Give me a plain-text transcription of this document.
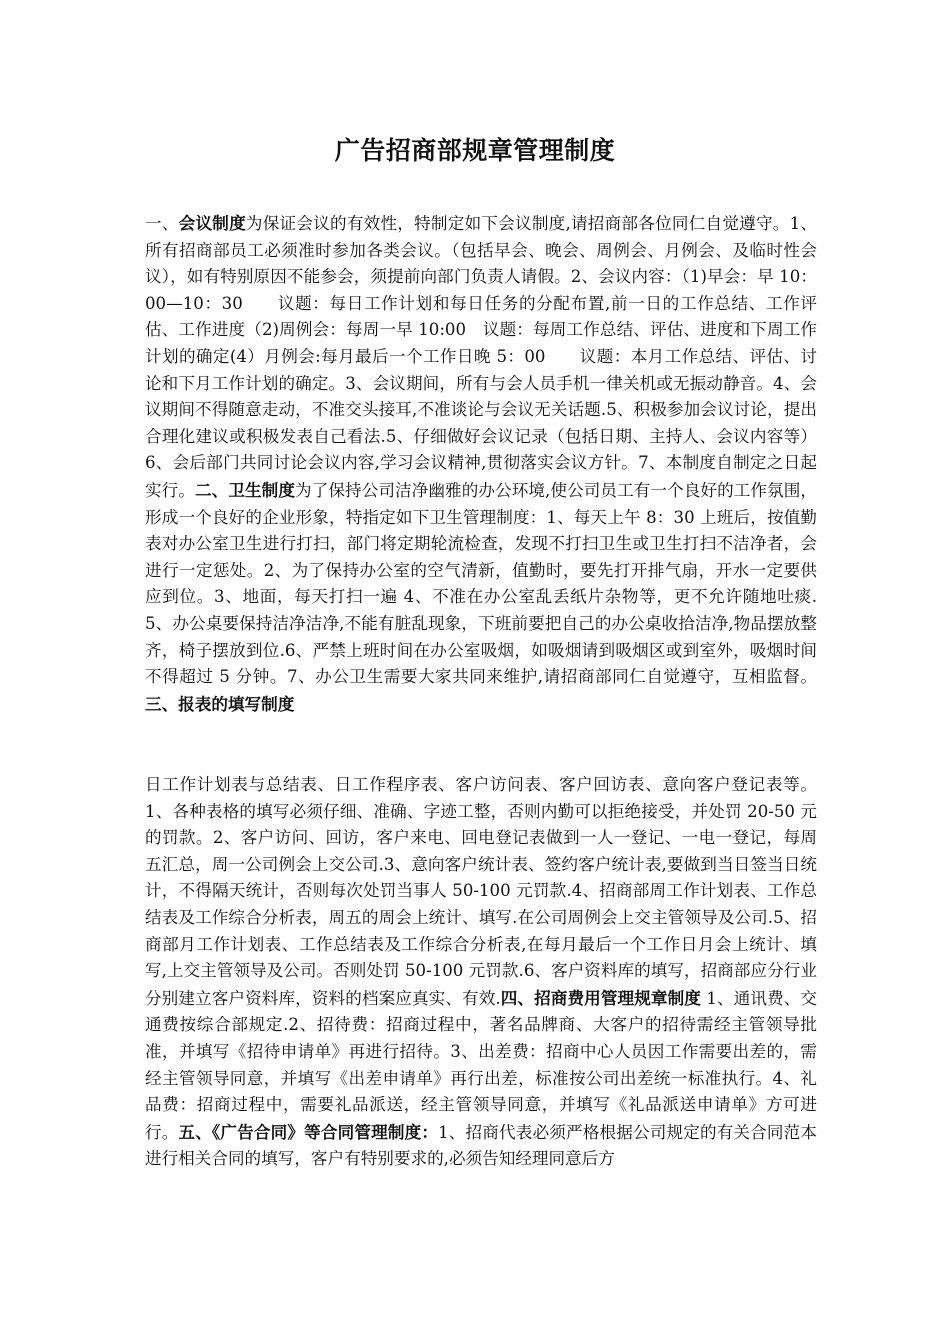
广告招商部规章管理制度

一、会议制度为保证会议的有效性，特制定如下会议制度,请招商部各位同仁自觉遵守。1、所有招商部员工必须准时参加各类会议。（包括早会、晚会、周例会、月例会、及临时性会议），如有特别原因不能参会，须提前向部门负责人请假。2、会议内容：（1)早会：早 10：00—10：30　　议题：每日工作计划和每日任务的分配布置,前一日的工作总结、工作评估、工作进度（2)周例会：每周一早 10:00　议题：每周工作总结、评估、进度和下周工作计划的确定(4）月例会:每月最后一个工作日晚 5：00　　议题：本月工作总结、评估、讨论和下月工作计划的确定。3、会议期间，所有与会人员手机一律关机或无振动静音。4、会议期间不得随意走动，不准交头接耳,不准谈论与会议无关话题.5、积极参加会议讨论，提出合理化建议或积极发表自己看法.5、仔细做好会议记录（包括日期、主持人、会议内容等）6、会后部门共同讨论会议内容,学习会议精神,贯彻落实会议方针。7、本制度自制定之日起实行。二、卫生制度为了保持公司洁净幽雅的办公环境,使公司员工有一个良好的工作氛围，形成一个良好的企业形象，特指定如下卫生管理制度：1、每天上午 8：30 上班后，按值勤表对办公室卫生进行打扫，部门将定期轮流检查，发现不打扫卫生或卫生打扫不洁净者，会进行一定惩处。2、为了保持办公室的空气清新，值勤时，要先打开排气扇，开水一定要供应到位。3、地面，每天打扫一遍 4、不准在办公室乱丢纸片杂物等，更不允许随地吐痰.5、办公桌要保持洁净洁净,不能有脏乱现象，下班前要把自己的办公桌收拾洁净,物品摆放整齐，椅子摆放到位.6、严禁上班时间在办公室吸烟，如吸烟请到吸烟区或到室外，吸烟时间不得超过 5 分钟。7、办公卫生需要大家共同来维护,请招商部同仁自觉遵守，互相监督。三、报表的填写制度

日工作计划表与总结表、日工作程序表、客户访问表、客户回访表、意向客户登记表等。1、各种表格的填写必须仔细、准确、字迹工整，否则内勤可以拒绝接受，并处罚 20-50 元的罚款。2、客户访问、回访，客户来电、回电登记表做到一人一登记、一电一登记，每周五汇总，周一公司例会上交公司.3、意向客户统计表、签约客户统计表,要做到当日签当日统计，不得隔天统计，否则每次处罚当事人 50-100 元罚款.4、招商部周工作计划表、工作总结表及工作综合分析表，周五的周会上统计、填写.在公司周例会上交主管领导及公司.5、招商部月工作计划表、工作总结表及工作综合分析表,在每月最后一个工作日月会上统计、填写,上交主管领导及公司。否则处罚 50-100 元罚款.6、客户资料库的填写，招商部应分行业分别建立客户资料库，资料的档案应真实、有效.四、招商费用管理规章制度 1、通讯费、交通费按综合部规定.2、招待费：招商过程中，著名品牌商、大客户的招待需经主管领导批准，并填写《招待申请单》再进行招待。3、出差费：招商中心人员因工作需要出差的，需经主管领导同意，并填写《出差申请单》再行出差，标准按公司出差统一标准执行。4、礼品费：招商过程中，需要礼品派送，经主管领导同意，并填写《礼品派送申请单》方可进行。五、《广告合同》等合同管理制度：1、招商代表必须严格根据公司规定的有关合同范本进行相关合同的填写，客户有特别要求的,必须告知经理同意后方
